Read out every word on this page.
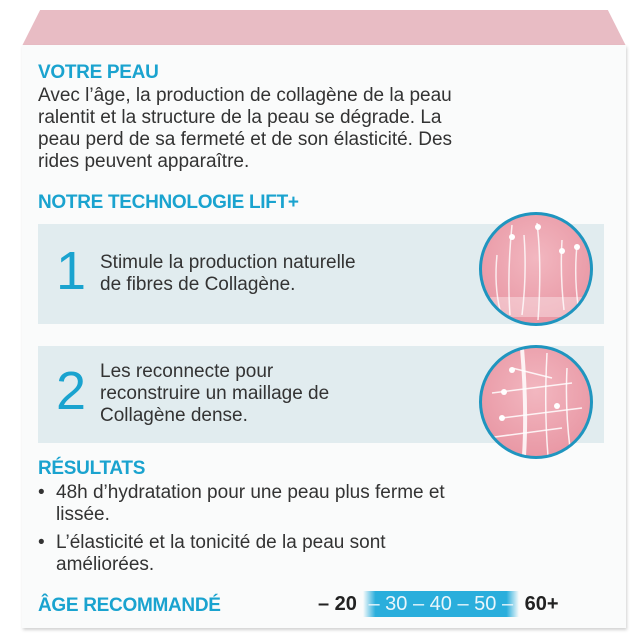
VOTRE PEAU
Avec l’âge, la production de collagène de la peau
ralentit et la structure de la peau se dégrade. La
peau perd de sa fermeté et de son élasticité. Des
rides peuvent apparaître.
NOTRE TECHNOLOGIE LIFT+
1 Stimule la production naturelle
de fibres de Collagène.
2 Les reconnecte pour
reconstruire un maillage de
Collagène dense.
RÉSULTATS
• 48h d’hydratation pour une peau plus ferme et
lissée.
• L’élasticité et la tonicité de la peau sont
améliorées.
ÂGE RECOMMANDÉ	– 20 – 30 – 40 – 50 – 60+
